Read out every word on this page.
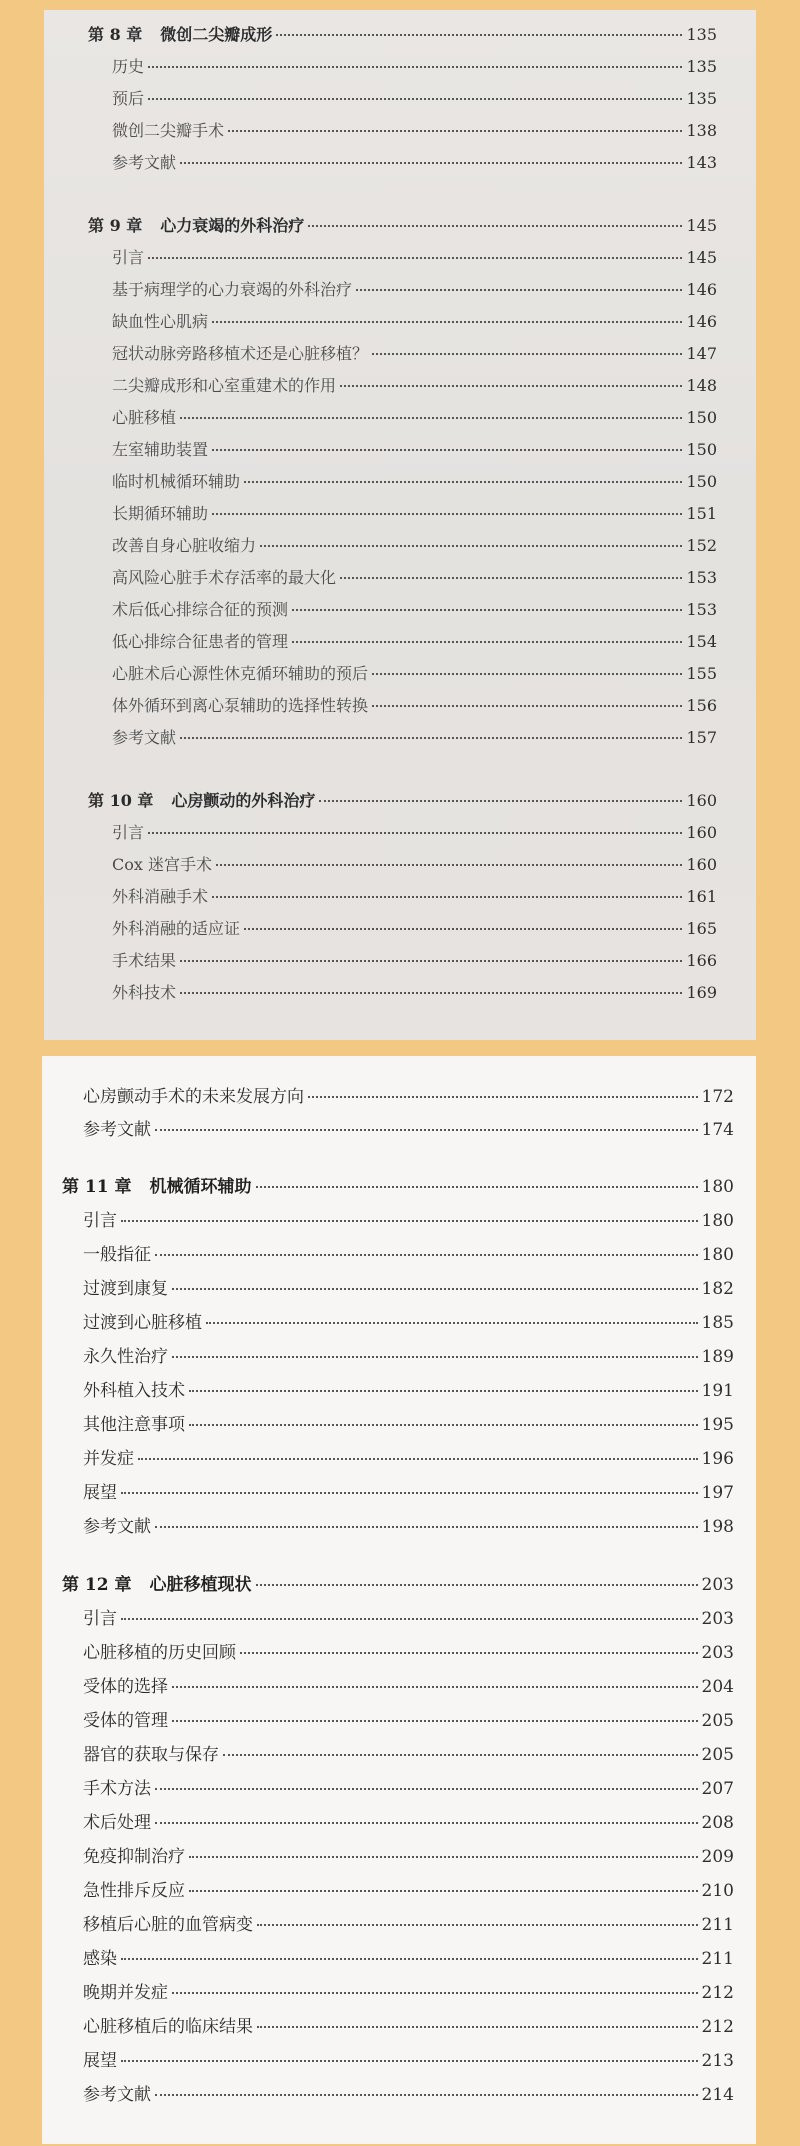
第 8 章 微创二尖瓣成形	135
历史	135
预后	135
微创二尖瓣手术	138
参考文献	143
第 9 章 心力衰竭的外科治疗	145
引言	145
基于病理学的心力衰竭的外科治疗	146
缺血性心肌病	146
冠状动脉旁路移植术还是心脏移植？	147
二尖瓣成形和心室重建术的作用	148
心脏移植	150
左室辅助装置	150
临时机械循环辅助	150
长期循环辅助	151
改善自身心脏收缩力	152
高风险心脏手术存活率的最大化	153
术后低心排综合征的预测	153
低心排综合征患者的管理	154
心脏术后心源性休克循环辅助的预后	155
体外循环到离心泵辅助的选择性转换	156
参考文献	157
第 10 章 心房颤动的外科治疗	160
引言	160
Cox 迷宫手术	160
外科消融手术	161
外科消融的适应证	165
手术结果	166
外科技术	169
心房颤动手术的未来发展方向	172
参考文献	174
第 11 章 机械循环辅助	180
引言	180
一般指征	180
过渡到康复	182
过渡到心脏移植	185
永久性治疗	189
外科植入技术	191
其他注意事项	195
并发症	196
展望	197
参考文献	198
第 12 章 心脏移植现状	203
引言	203
心脏移植的历史回顾	203
受体的选择	204
受体的管理	205
器官的获取与保存	205
手术方法	207
术后处理	208
免疫抑制治疗	209
急性排斥反应	210
移植后心脏的血管病变	211
感染	211
晚期并发症	212
心脏移植后的临床结果	212
展望	213
参考文献	214
